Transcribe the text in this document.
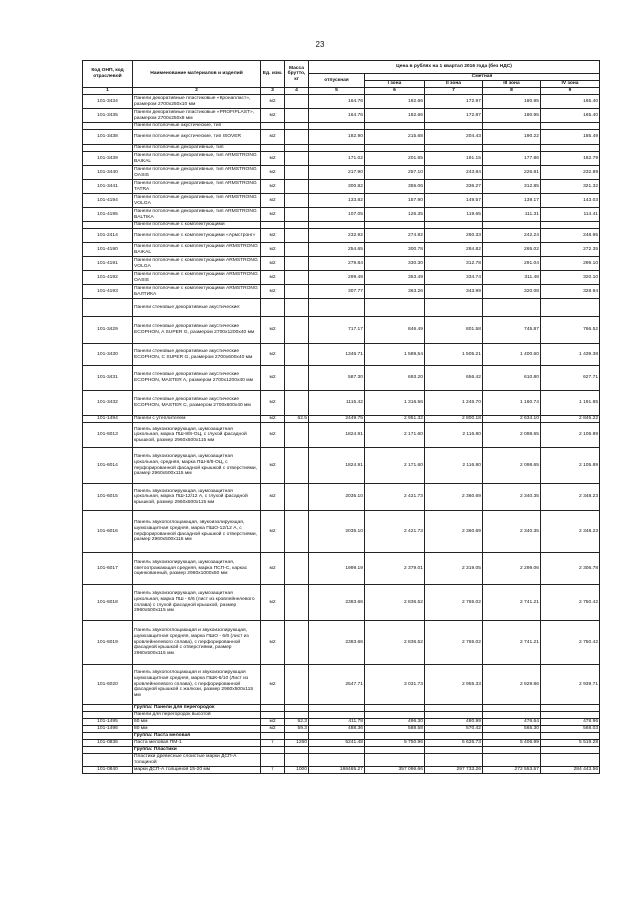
23
Код ОНП, код отраслевой	Наименование материалов и изделий	Ед. изм.	Масса брутто, кг	Цена в рублях на 1 квартал 2016 года (без НДС)				
				отпускная	Сметная			
					I зона	II зона	III зона	IV зона
1	2	3	4	5	6	7	8	9
101-3434	Панели декоративные пластиковые «Кронапласт», размером 2700х250х10 мм	м2		164.76	182.66	172.97	180.95	165.40
101-3435	Панели декоративные пластиковые «PROFIPLAST», размером 2700х250х8 мм	м2		164.76	182.66	172.87	180.95	165.40
	Панели потолочные акустические, тип							
101-3438	Панели потолочные акустические, тип ISOVER	м2		182.90	215.68	204.43	190.22	185.49
	Панели потолочные декоративные, тип							
101-3439	Панели потолочные декоративные, тип ARMSTRONG BAIKAL	м2		171.02	201.65	191.15	177.86	182.79
101-3440	Панели потолочные декоративные, тип ARMSTRONG OASIS	м2		217.90	257.10	243.84	226.81	232.89
101-3441	Панели потолочные декоративные, тип ARMSTRONG TATRA	м2		300.82	355.06	336.27	312.85	321.32
101-4194	Панели потолочные декоративные, тип ARMSTRONG VOLGA	м2		133.82	157.90	149.57	139.17	143.03
101-4195	Панели потолочные декоративные, тип ARMSTRONG BALTIKA	м2		107.05	126.35	119.65	111.31	114.41
	Панели потолочные с комплектующими							
101-2414	Панели потолочные с комплектующими «Армстронг»	м2		232.92	274.92	260.33	242.24	248.95
101-4190	Панели потолочные с комплектующими ARMSTRONG BAIKAL	м2		254.65	300.78	284.82	265.02	272.35
101-4191	Панели потолочные с комплектующими ARMSTRONG VOLGA	м2		279.84	330.30	312.78	291.04	299.10
101-4192	Панели потолочные с комплектующими ARMSTRONG OASIS	м2		299.49	353.49	334.74	311.48	320.10
101-4193	Панели потолочные с комплектующими ARMSTRONG БАЛТИКА	м2		307.77	363.26	343.99	320.08	328.94
	Панели стеновые декоративные акустические:							
101-3429	Панели стеновые декоративные акустические ECOPHON, A SUPER G, размером 2700х1200х40 мм	м2		717.17	846.49	801.58	745.87	766.52
101-3430	Панели стеновые декоративные акустические ECOPHON, C SUPER G, размером 2700х600х40 мм	м2		1346.71	1 589,54	1 505.21	1 400.60	1 439.38
101-3431	Панели стеновые декоративные акустические ECOPHON, MASTER A, размером 2700х1200х40 мм	м2		587.30	693.20	656.42	610.80	627.71
101-3432	Панели стеновые декоративные акустические ECOPHON, MASTER C, размером 2700х600х40 мм	м2		1115.42	1 316.56	1 246.70	1 160.74	1 191.85
101-1494	Панели с утеплителем	м2	62.5	2449.75	2 951.32	2 800.18	2 634.10	2 845.22
101-6013	Панель звукоизолирующая, шумозащитная цокольная, марка ПШ-8/8-ОЦ, с глухой фасадной крышкой, размер 2960х500х115 мм	м2		1824.91	2 171.60	2 116.80	2 098.65	2 105.89
101-6014	Панель звукоизолирующая, шумозащитная цокольная, средняя, марка ПШ-8/8-ОЦ, с перфорированной фасадной крышкой с отверстиями, размер 2960х500х115 мм	м2		1824.91	2 171.60	2 116.80	2 098.65	2 105.89
101-6015	Панель звукоизолирующая, шумозащитная цокольная, марка ПШ-12/12 А, с глухой фасадной крышкой, размер 2960х500х115 мм	м2		2035.10	2 421.73	2 360.69	2 340.35	2 348.23
101-6016	Панель звукопоглощающая, звукоизолирующая, шумозащитная средняя, марка ПШО-12/12 А, с перфорированной фасадной крышкой с отверстиями, размер 2960х500х115 мм	м2		2035.10	2 421.73	2 360.69	2 340.35	2 348.23
101-6017	Панель звукоизолирующая, шумозащитная, светоотражающая средняя, марка ПСП-С, каркас оцинкованный, размер 2960х1000х50 мм	м2		1999.19	2 379.01	2 319.05	2 299.06	2 306.78
101-6018	Панель звукоизолирующая, шумозащитная цокольная, марка ПШ - 6/6 (лист из кровлейнелевого сплава) с глухой фасадной крышкой, размер 2960х500х115 мм	м2		2383.66	2 836.52	2 765.02	2 741.21	2 750.42
101-6019	Панель звукопоглощающая и звукоизолирующая, шумозащитная средняя, марка ПШО - 6/6 (лист из кровлейнелевого сплава), с перфорированной фасадной крышкой с отверстиями, размер 2960х500х115 мм	м2		2383.66	2 836.52	2 765.02	2 741.21	2 750.42
101-6020	Панель звукопоглощающая и звукоизолирующая шумозащитная средняя, марка ПШК-6/10 (Лист из кровлейнелевого сплава), с перфорированной фасадной крышкой с жалюзи, размер 2960х500х115 мм	м2		2547.71	3 031.73	2 955.33	2 929.86	2 939.71
	Группа: Панели для перегородок							
	Панели для перегородок высотой							
101-1495	60 мм	м2	52.3	411.78	496.30	480.99	476.64	478.96
101-1496	80 мм	м2	59.3	488.36	588.58	570.42	565.30	568.03
	Группа: Паста меловая							
101-0836	Паста меловая ПМ-1	т	1260	5241.48	5 750.96	5 626.73	5 406.99	5 519.28
	Группа: Пластики							
	Пластики древесные слоистые марки ДСП-А толщиной							
101-0840	марки ДСП-А толщиной 15-20 мм	т	1000	166465.27	357 096.66	297 733.26	272 553.57	284 443.56
